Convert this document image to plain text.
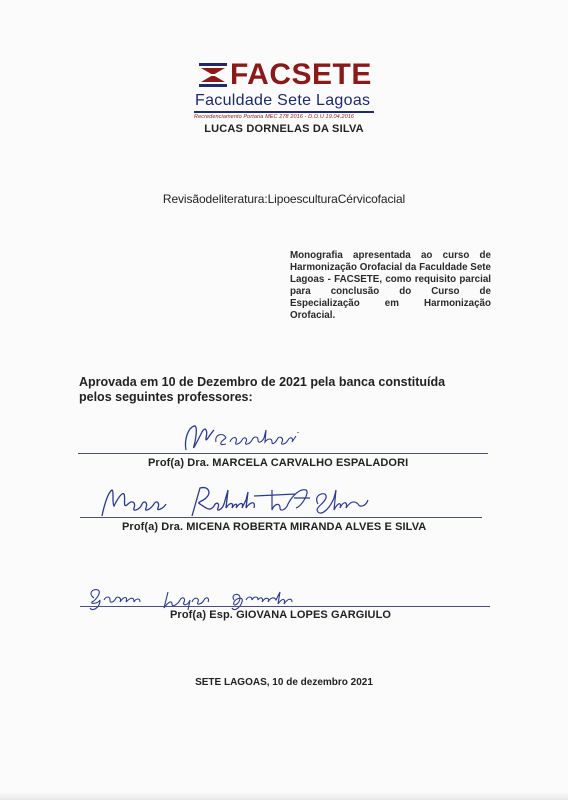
FACSETE
Faculdade Sete Lagoas
Recredenciamento Portaria MEC 278 2016 - D.O.U 19.04.2016
LUCAS DORNELAS DA SILVA
Revisãodeliteratura:LipoesculturaCérvicofacial
Monografia apresentada ao curso de Harmonização Orofacial da Faculdade Sete Lagoas - FACSETE, como requisito parcial para conclusão do Curso de Especialização em Harmonização Orofacial.
Aprovada em 10 de Dezembro de 2021 pela banca constituída pelos seguintes professores:
Prof(a) Dra. MARCELA CARVALHO ESPALADORI
Prof(a) Dra. MICENA ROBERTA MIRANDA ALVES E SILVA
Prof(a) Esp. GIOVANA LOPES GARGIULO
SETE LAGOAS, 10 de dezembro 2021
